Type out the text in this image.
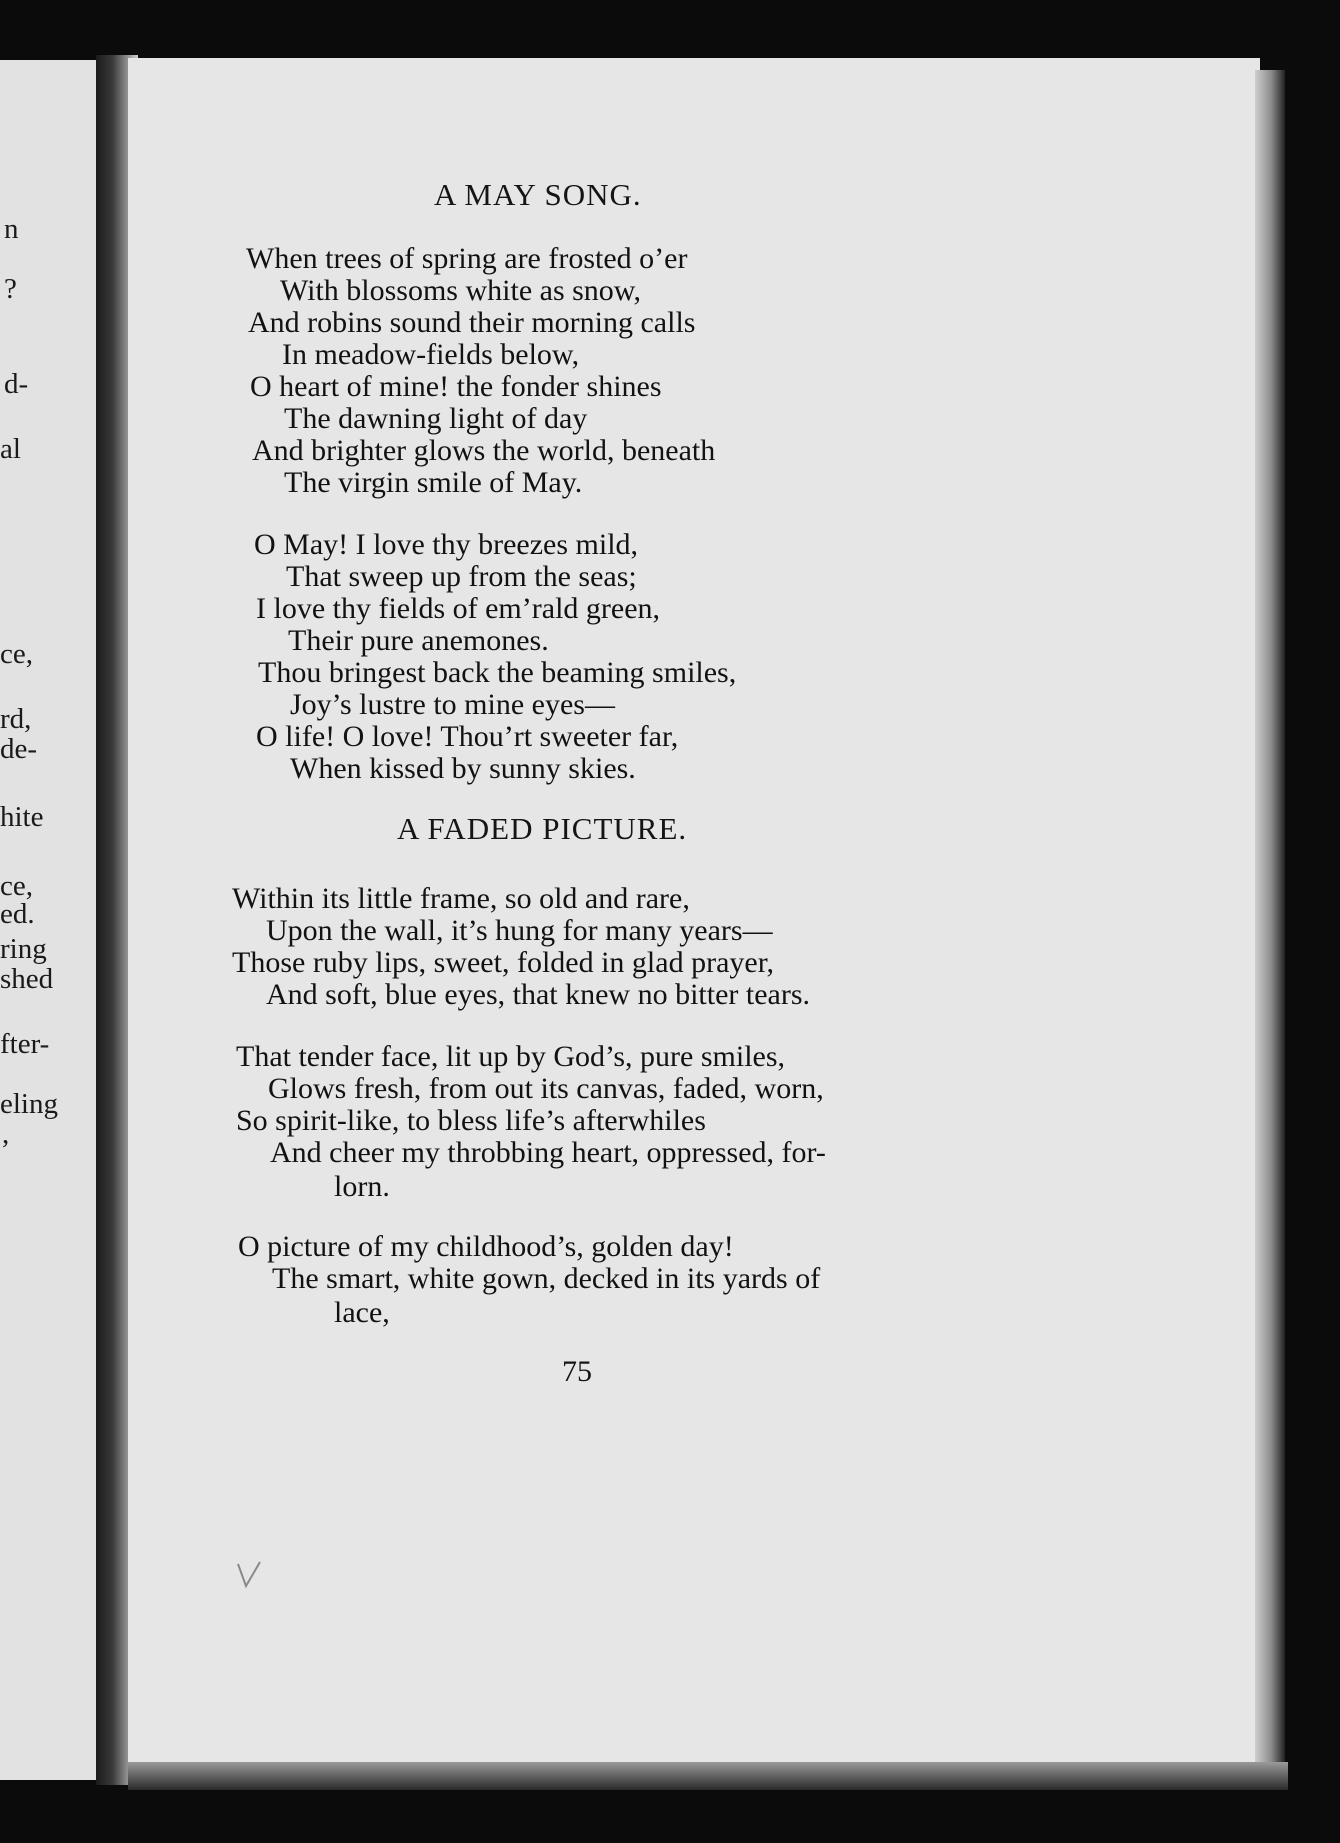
n
?
d-
al
ce,
rd,
de-
hite
ce,
ed.
ring
shed
fter-
eling
,
A MAY SONG.
When trees of spring are frosted o’er
With blossoms white as snow,
And robins sound their morning calls
In meadow-fields below,
O heart of mine! the fonder shines
The dawning light of day
And brighter glows the world, beneath
The virgin smile of May.
O May! I love thy breezes mild,
That sweep up from the seas;
I love thy fields of em’rald green,
Their pure anemones.
Thou bringest back the beaming smiles,
Joy’s lustre to mine eyes—
O life! O love! Thou’rt sweeter far,
When kissed by sunny skies.
A FADED PICTURE.
Within its little frame, so old and rare,
Upon the wall, it’s hung for many years—
Those ruby lips, sweet, folded in glad prayer,
And soft, blue eyes, that knew no bitter tears.
That tender face, lit up by God’s, pure smiles,
Glows fresh, from out its canvas, faded, worn,
So spirit-like, to bless life’s afterwhiles
And cheer my throbbing heart, oppressed, for-
lorn.
O picture of my childhood’s, golden day!
The smart, white gown, decked in its yards of
lace,
75
